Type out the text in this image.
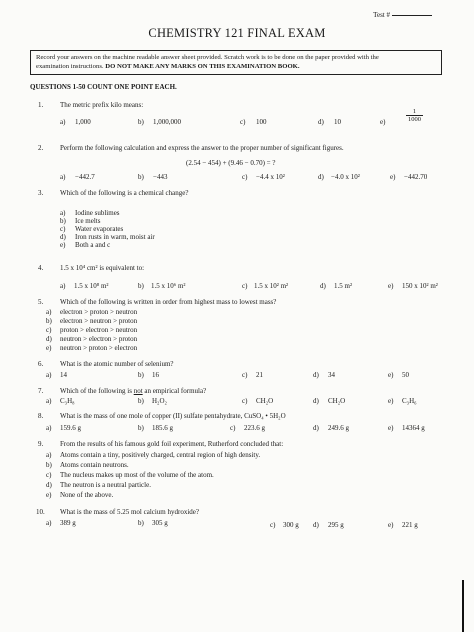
Test #
CHEMISTRY 121 FINAL EXAM
Record your answers on the machine readable answer sheet provided. Scratch work is to be done on the paper provided with the
examination instructions. DO NOT MAKE ANY MARKS ON THIS EXAMINATION BOOK.
QUESTIONS 1-50 COUNT ONE POINT EACH.
1. The metric prefix kilo means:
a) 1,000	b) 1,000,000	c) 100	d) 10	e)	$\frac{1}{1000}$
2. Perform the following calculation and express the answer to the proper number of significant figures.
(2.54 − 454) + (9.46 − 0.70) = ?
a) −442.7	b) −443	c) −4.4 x 10²	d) −4.0 x 10²	e) −442.70
3. Which of the following is a chemical change?
a) Iodine sublimes
b) Ice melts
c) Water evaporates
d) Iron rusts in warm, moist air
e) Both a and c
4. 1.5 x 10⁴ cm² is equivalent to:
a) 1.5 x 10⁸ m²	b) 1.5 x 10⁶ m²	c) 1.5 x 10² m²	d) 1.5 m²	e) 150 x 10² m²
5. Which of the following is written in order from highest mass to lowest mass?
a) electron > proton > neutron
b) electron > neutron > proton
c) proton > electron > neutron
d) neutron > electron > proton
e) neutron > proton > electron
6. What is the atomic number of selenium?
a) 14	b) 16	c) 21	d) 34	e) 50
7. Which of the following is not an empirical formula?
a) C₃H₈	b) H₂O₂	c) CH₂O	d) CH₂O	e) C₃H₆
8. What is the mass of one mole of copper (II) sulfate pentahydrate, CuSO₄ • 5H₂O
a) 159.6 g	b) 185.6 g	c) 223.6 g	d) 249.6 g	e) 14364 g
9. From the results of his famous gold foil experiment, Rutherford concluded that:
a) Atoms contain a tiny, positively charged, central region of high density.
b) Atoms contain neutrons.
c) The nucleus makes up most of the volume of the atom.
d) The neutron is a neutral particle.
e) None of the above.
10. What is the mass of 5.25 mol calcium hydroxide?
a) 389 g	b) 305 g	c) 300 g d) 295 g	e) 221 g
